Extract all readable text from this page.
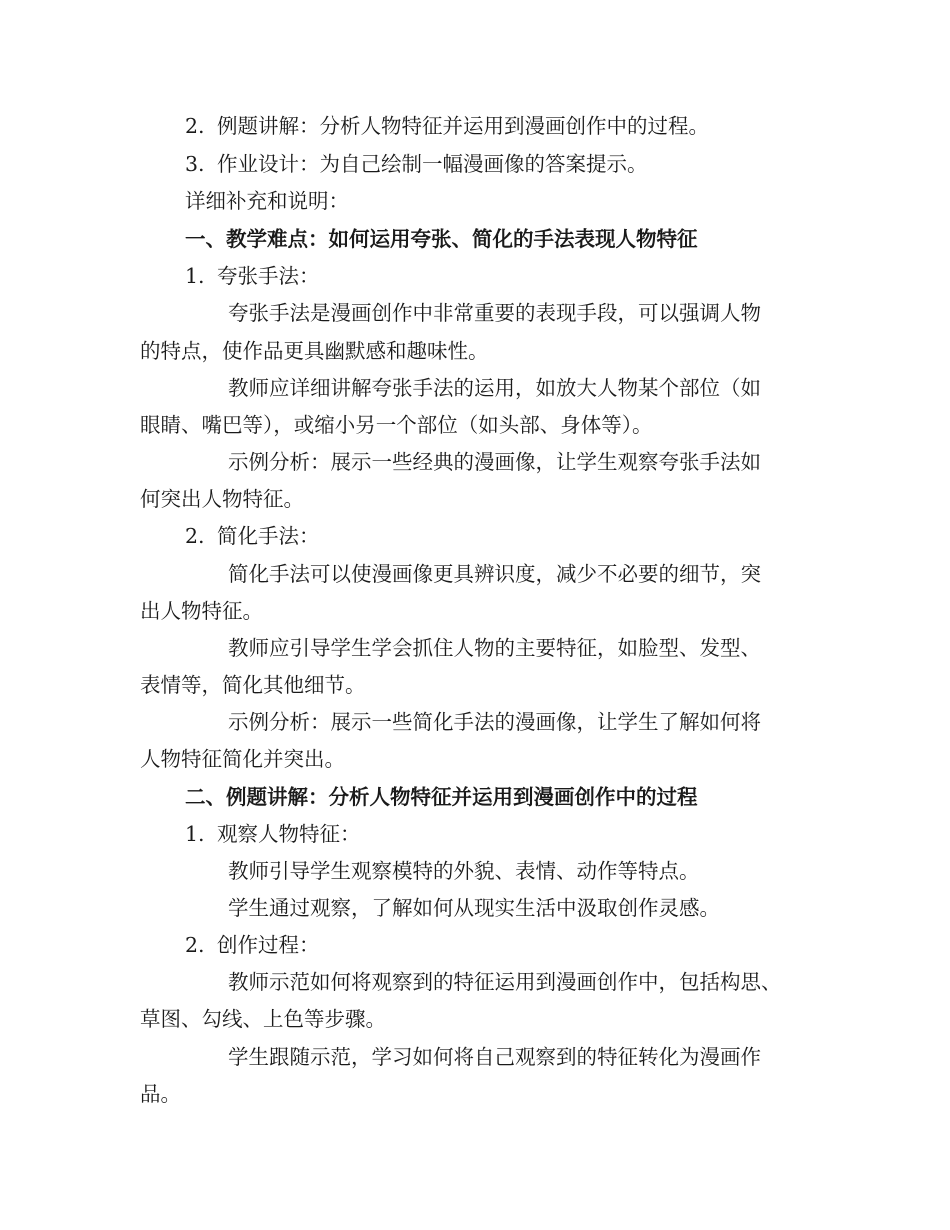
2. 例题讲解：分析人物特征并运用到漫画创作中的过程。
3. 作业设计：为自己绘制一幅漫画像的答案提示。
详细补充和说明：
一、教学难点：如何运用夸张、简化的手法表现人物特征
1. 夸张手法：
夸张手法是漫画创作中非常重要的表现手段，可以强调人物
的特点，使作品更具幽默感和趣味性。
教师应详细讲解夸张手法的运用，如放大人物某个部位（如
眼睛、嘴巴等），或缩小另一个部位（如头部、身体等）。
示例分析：展示一些经典的漫画像，让学生观察夸张手法如
何突出人物特征。
2. 简化手法：
简化手法可以使漫画像更具辨识度，减少不必要的细节，突
出人物特征。
教师应引导学生学会抓住人物的主要特征，如脸型、发型、
表情等，简化其他细节。
示例分析：展示一些简化手法的漫画像，让学生了解如何将
人物特征简化并突出。
二、例题讲解：分析人物特征并运用到漫画创作中的过程
1. 观察人物特征：
教师引导学生观察模特的外貌、表情、动作等特点。
学生通过观察，了解如何从现实生活中汲取创作灵感。
2. 创作过程：
教师示范如何将观察到的特征运用到漫画创作中，包括构思、
草图、勾线、上色等步骤。
学生跟随示范，学习如何将自己观察到的特征转化为漫画作
品。
